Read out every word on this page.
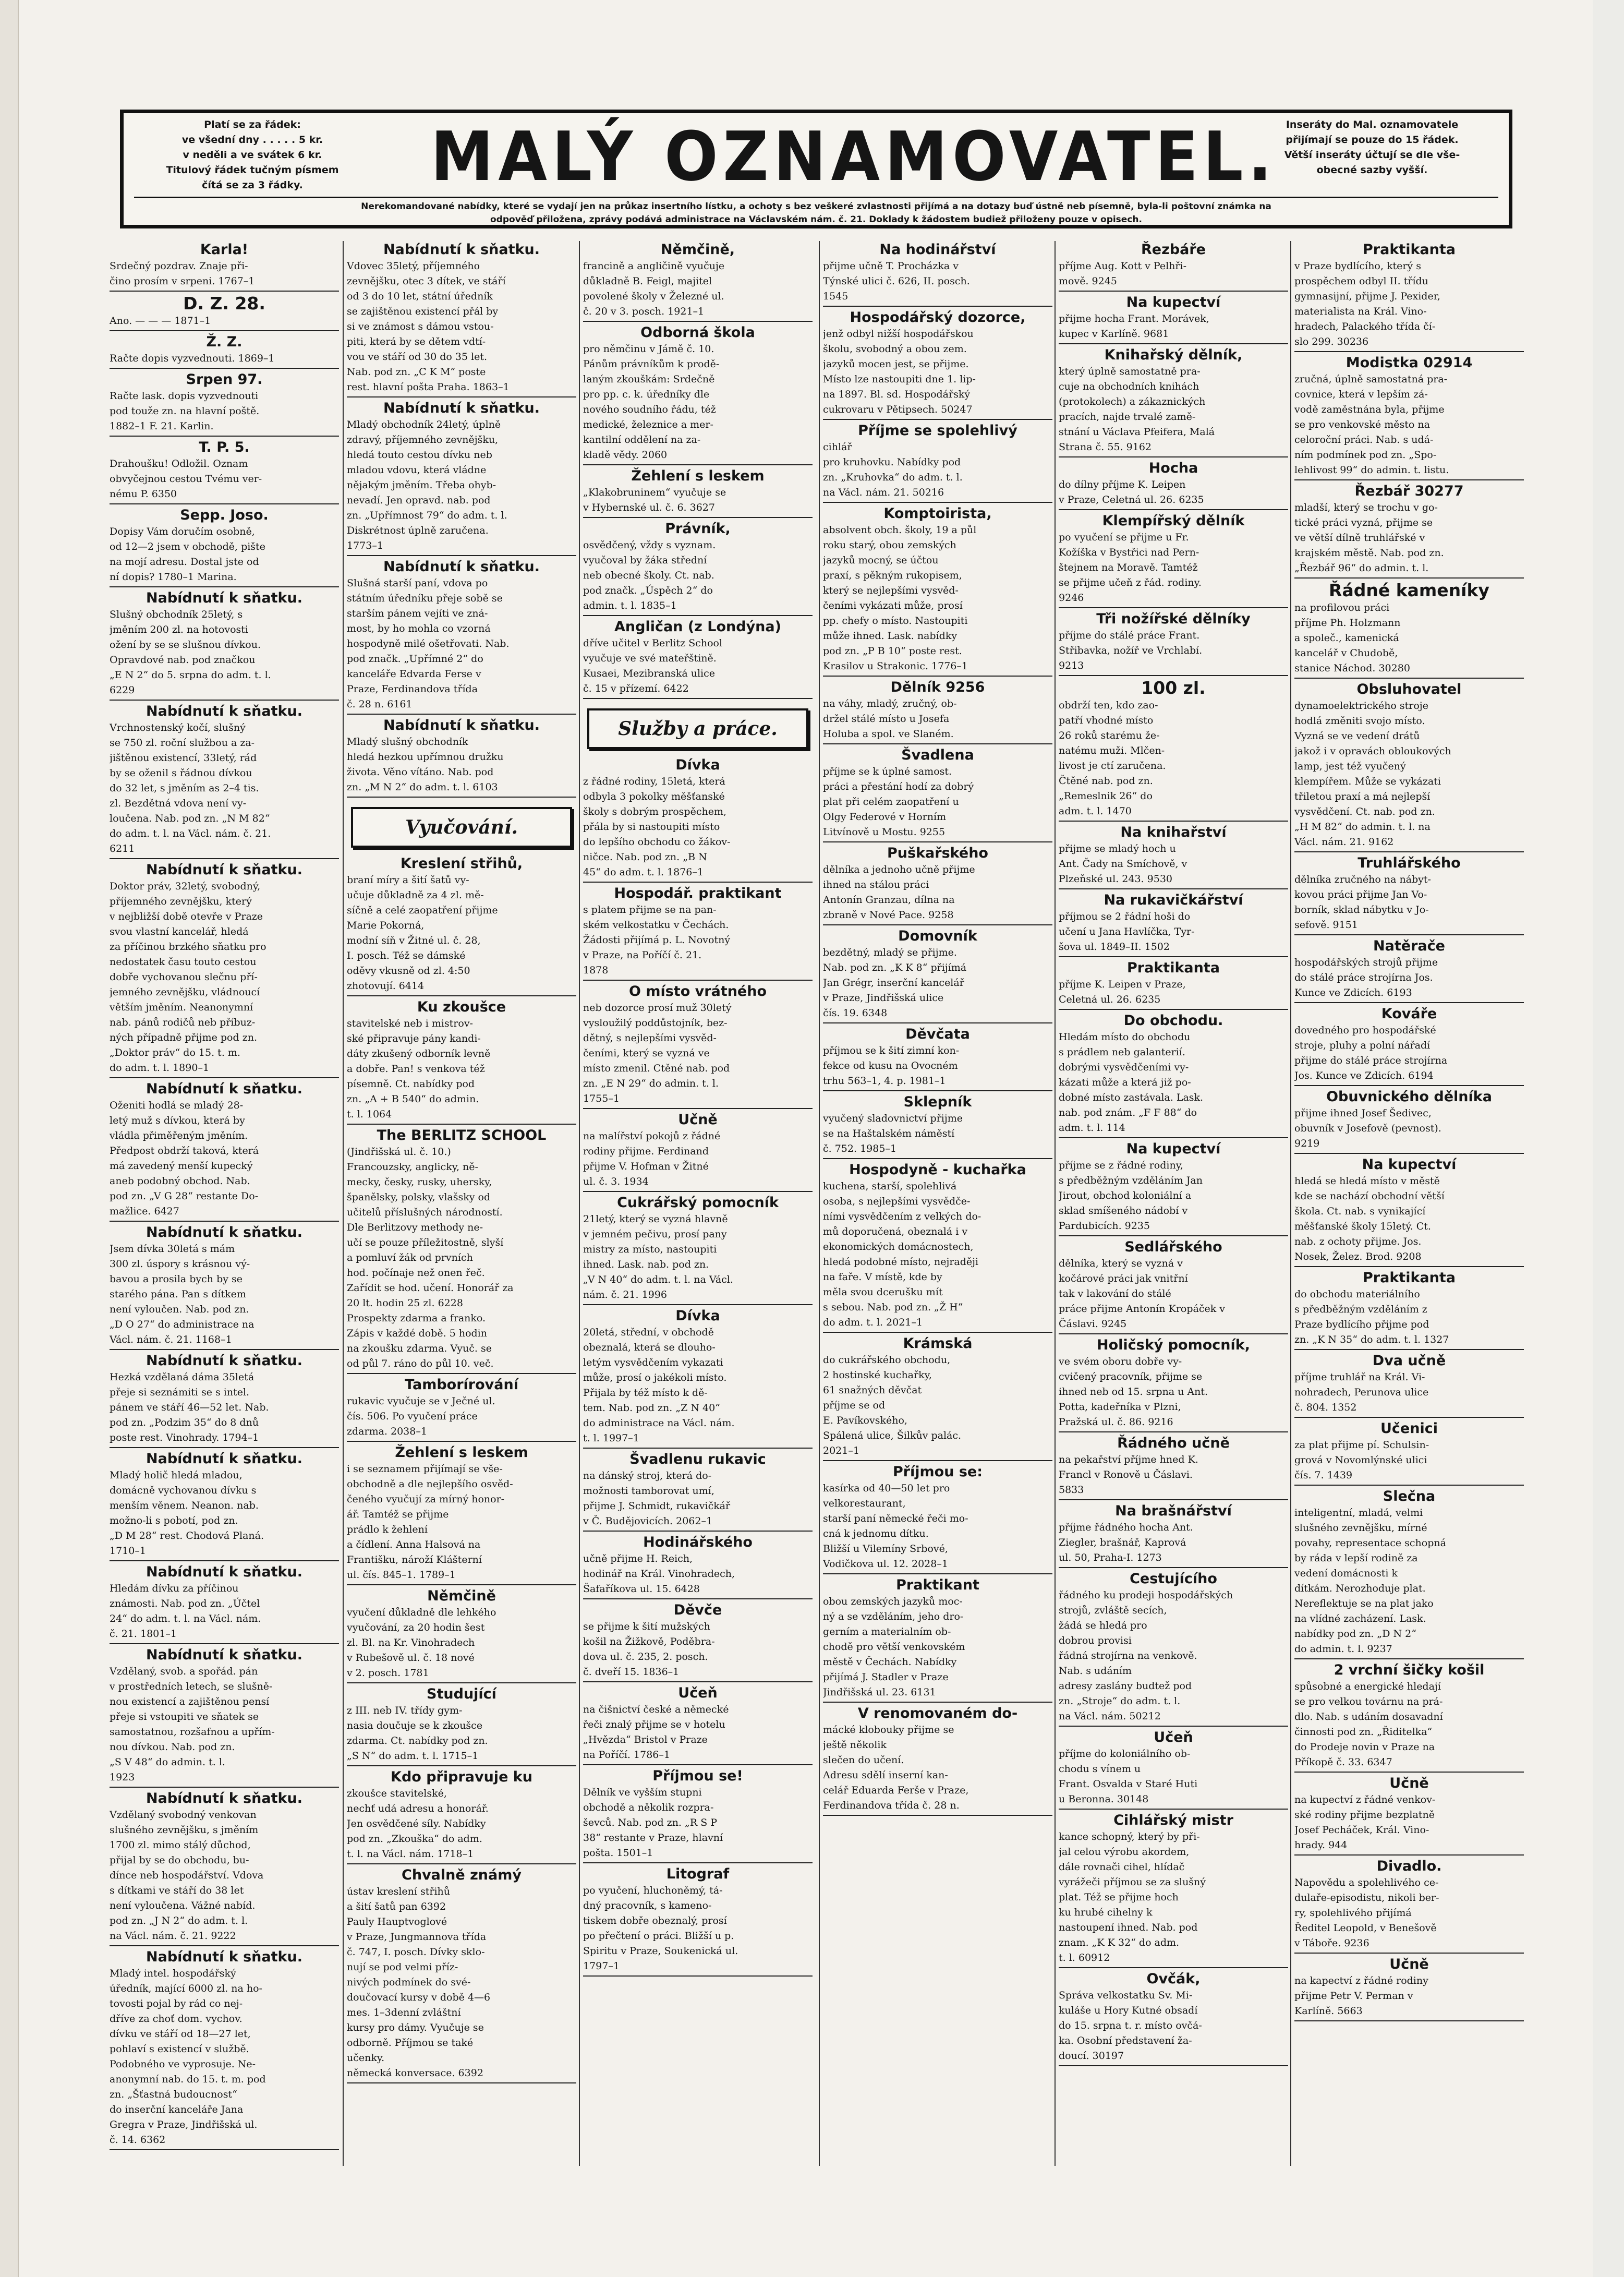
Platí se za řádek:
ve všední dny . . . . . 5 kr.
v neděli a ve svátek 6 kr.
Titulový řádek tučným písmem
čítá se za 3 řádky.	MALÝ OZNAMOVATEL. Inseráty do Mal. oznamovatele
přijímají se pouze do 15 řádek.
Větší inseráty účtují se dle vše-
obecné sazby vyšší.
Nerekomandované nabídky, které se vydají jen na průkaz insertního lístku, a ochoty s bez veškeré zvlastnosti přijímá a na dotazy buď ústně neb písemně, byla-li poštovní známka na
odpověď přiložena, zprávy podává administrace na Václavském nám. č. 21. Doklady k žádostem budiež přiloženy pouze v opisech.
Karla!
Srdečný pozdrav. Znaje při-
čino prosím v srpeni. 1767–1
D. Z. 28.
Ano. — — — 1871–1
Ž. Z.
Račte dopis vyzvednouti. 1869–1
Srpen 97.
Račte lask. dopis vyzvednouti
pod touže zn. na hlavní poště.
1882–1 F. 21. Karlin.
T. P. 5.
Drahoušku! Odložil. Oznam
obvyčejnou cestou Tvému ver-
nému P. 6350
Sepp. Joso.
Dopisy Vám doručím osobně,
od 12—2 jsem v obchodě, pište
na mojí adresu. Dostal jste od
ní dopis? 1780–1 Marina.
Nabídnutí k sňatku.
Slušný obchodník 25letý, s
jměním 200 zl. na hotovosti
ožení by se se slušnou dívkou.
Opravdové nab. pod značkou
„E N 2“ do 5. srpna do adm. t. l.
6229
Nabídnutí k sňatku.
Vrchnostenský kočí, slušný
se 750 zl. roční službou a za-
jištěnou existencí, 33letý, rád
by se oženil s řádnou dívkou
do 32 let, s jměním as 2–4 tis.
zl. Bezdětná vdova není vy-
loučena. Nab. pod zn. „N M 82“
do adm. t. l. na Václ. nám. č. 21.
6211
Nabídnutí k sňatku.
Doktor práv, 32letý, svobodný,
příjemného zevnějšku, který
v nejbližší době otevře v Praze
svou vlastní kancelář, hledá
za příčinou brzkého sňatku pro
nedostatek času touto cestou
dobře vychovanou slečnu pří-
jemného zevnějšku, vládnoucí
větším jměním. Neanonymní
nab. pánů rodičů neb příbuz-
ných případně přijme pod zn.
„Doktor práv“ do 15. t. m.
do adm. t. l. 1890–1
Nabídnutí k sňatku.
Oženiti hodlá se mladý 28-
letý muž s dívkou, která by
vládla přiměřeným jměním.
Předpost obdrží taková, která
má zavedený menší kupecký
aneb podobný obchod. Nab.
pod zn. „V G 28“ restante Do-
mažlice. 6427
Nabídnutí k sňatku.
Jsem dívka 30letá s mám
300 zl. úspory s krásnou vý-
bavou a prosila bych by se
starého pána. Pan s dítkem
není vyloučen. Nab. pod zn.
„D O 27“ do administrace na
Václ. nám. č. 21. 1168–1
Nabídnutí k sňatku.
Hezká vzdělaná dáma 35letá
přeje si seznámiti se s intel.
pánem ve stáří 46—52 let. Nab.
pod zn. „Podzim 35“ do 8 dnů
poste rest. Vinohrady. 1794–1
Nabídnutí k sňatku.
Mladý holič hledá mladou,
domácně vychovanou dívku s
menším věnem. Neanon. nab.
možno-li s pobotí, pod zn.
„D M 28“ rest. Chodová Planá.
1710–1
Nabídnutí k sňatku.
Hledám dívku za příčinou
známosti. Nab. pod zn. „Účtel
24“ do adm. t. l. na Václ. nám.
č. 21. 1801–1
Nabídnutí k sňatku.
Vzdělaný, svob. a spořád. pán
v prostředních letech, se slušně-
nou existencí a zajištěnou pensí
přeje si vstoupiti ve sňatek se
samostatnou, rozšafnou a upřím-
nou dívkou. Nab. pod zn.
„S V 48“ do admin. t. l.
1923
Nabídnutí k sňatku.
Vzdělaný svobodný venkovan
slušného zevnějšku, s jměním
1700 zl. mimo stálý důchod,
přijal by se do obchodu, bu-
dínce neb hospodářství. Vdova
s dítkami ve stáří do 38 let
není vyloučena. Vážné nabíd.
pod zn. „J N 2“ do adm. t. l.
na Václ. nám. č. 21. 9222
Nabídnutí k sňatku.
Mladý intel. hospodářský
úředník, mající 6000 zl. na ho-
tovosti pojal by rád co nej-
dříve za choť dom. vychov.
dívku ve stáří od 18—27 let,
pohlaví s existencí v službě.
Podobného ve vyprosuje. Ne-
anonymní nab. do 15. t. m. pod
zn. „Šťastná budoucnost“
do inserční kanceláře Jana
Gregra v Praze, Jindřišská ul.
č. 14. 6362
Nabídnutí k sňatku.
Vdovec 35letý, příjemného
zevnějšku, otec 3 dítek, ve stáří
od 3 do 10 let, státní úředník
se zajištěnou existencí přál by
si ve známost s dámou vstou-
piti, která by se dětem vdtí-
vou ve stáří od 30 do 35 let.
Nab. pod zn. „C K M“ poste
rest. hlavní pošta Praha. 1863–1
Nabídnutí k sňatku.
Mladý obchodník 24letý, úplně
zdravý, příjemného zevnějšku,
hledá touto cestou dívku neb
mladou vdovu, která vládne
nějakým jměním. Třeba ohyb-
nevadí. Jen opravd. nab. pod
zn. „Upřímnost 79“ do adm. t. l.
Diskrétnost úplně zaručena.
1773–1
Nabídnutí k sňatku.
Slušná starší paní, vdova po
státním úředníku přeje sobě se
starším pánem vejíti ve zná-
most, by ho mohla co vzorná
hospodyně milé ošetřovati. Nab.
pod značk. „Upřímné 2“ do
kanceláře Edvarda Ferse v
Praze, Ferdinandova třída
č. 28 n. 6161
Nabídnutí k sňatku.
Mladý slušný obchodník
hledá hezkou upřímnou družku
života. Věno vítáno. Nab. pod
zn. „M N 2“ do adm. t. l. 6103
Vyučování.
Kreslení střihů,
braní míry a šití šatů vy-
učuje důkladně za 4 zl. mě-
síčně a celé zaopatření přijme
Marie Pokorná,
modní síň v Žitné ul. č. 28,
I. posch. Též se dámské
oděvy vkusně od zl. 4:50
zhotovují. 6414
Ku zkoušce
stavitelské neb i mistrov-
ské připravuje pány kandi-
dáty zkušený odborník levně
a dobře. Pan! s venkova též
písemně. Ct. nabídky pod
zn. „A + B 540“ do admin.
t. l. 1064
The BERLITZ SCHOOL
(Jindřišská ul. č. 10.)
Francouzsky, anglicky, ně-
mecky, česky, rusky, uhersky,
španělsky, polsky, vlašsky od
učitelů příslušných národností.
Dle Berlitzovy methody ne-
učí se pouze příležitostně, slyší
a pomluví žák od prvních
hod. počínaje než onen řeč.
Zařídit se hod. učení. Honorář za
20 lt. hodin 25 zl. 6228
Prospekty zdarma a franko.
Zápis v každé době. 5 hodin
na zkoušku zdarma. Vyuč. se
od půl 7. ráno do půl 10. več.
Tamborírování
rukavic vyučuje se v Ječné ul.
čís. 506. Po vyučení práce
zdarma. 2038–1
Žehlení s leskem
i se seznamem přijímají se vše-
obchodně a dle nejlepšího osvěd-
čeného vyučují za mírný honor-
ář. Tamtéž se přijme
prádlo k žehlení
a čídlení. Anna Halsová na
Františku, nároží Klášterní
ul. čís. 845–1. 1789–1
Němčině
vyučení důkladně dle lehkého
vyučování, za 20 hodin šest
zl. Bl. na Kr. Vinohradech
v Rubešově ul. č. 18 nové
v 2. posch. 1781
Studující
z III. neb IV. třídy gym-
nasia doučuje se k zkoušce
zdarma. Ct. nabídky pod zn.
„S N“ do adm. t. l. 1715–1
Kdo připravuje ku
zkoušce stavitelské,
nechť udá adresu a honorář.
Jen osvědčené síly. Nabídky
pod zn. „Zkouška“ do adm.
t. l. na Václ. nám. 1718–1
Chvalně známý
ústav kreslení střihů
a šití šatů pan 6392
Pauly Hauptvoglové
v Praze, Jungmannova třída
č. 747, I. posch. Dívky sklo-
nují se pod velmi příz-
nivých podmínek do své-
doučovací kursy v době 4—6
mes. 1–3denní zvláštní
kursy pro dámy. Vyučuje se
odborně. Příjmou se také
učenky.
německá konversace. 6392
Němčině,
francině a angličině vyučuje
důkladně B. Feigl, majitel
povolené školy v Železné ul.
č. 20 v 3. posch. 1921–1
Odborná škola
pro němčinu v Jámě č. 10.
Pánům právníkům k prodě-
laným zkouškám: Srdečně
pro pp. c. k. úředníky dle
nového soudního řádu, též
medické, železnice a mer-
kantilní oddělení na za-
kladě vědy. 2060
Žehlení s leskem
„Klakobruninem“ vyučuje se
v Hybernské ul. č. 6. 3627
Právník,
osvědčený, vždy s vyznam.
vyučoval by žáka střední
neb obecné školy. Ct. nab.
pod značk. „Úspěch 2“ do
admin. t. l. 1835–1
Angličan (z Londýna)
dříve učitel v Berlitz School
vyučuje ve své mateřštině.
Kusaei, Mezibranská ulice
č. 15 v přízemí. 6422
Služby a práce.
Dívka
z řádné rodiny, 15letá, která
odbyla 3 pokolky měšťanské
školy s dobrým prospěchem,
přála by si nastoupiti místo
do lepšího obchodu co žákov-
ničce. Nab. pod zn. „B N
45“ do adm. t. l. 1876–1
Hospodář. praktikant
s platem přijme se na pan-
ském velkostatku v Čechách.
Žádosti přijímá p. L. Novotný
v Praze, na Poříčí č. 21.
1878
O místo vrátného
neb dozorce prosí muž 30letý
vysloužilý poddůstojník, bez-
dětný, s nejlepšími vysvěd-
čeními, který se vyzná ve
místo zmenil. Ctěné nab. pod
zn. „E N 29“ do admin. t. l.
1755–1
Učně
na malířství pokojů z řádné
rodiny přijme. Ferdinand
přijme V. Hofman v Žitné
ul. č. 3. 1934
Cukrářský pomocník
21letý, který se vyzná hlavně
v jemném pečivu, prosí pany
mistry za místo, nastoupiti
ihned. Lask. nab. pod zn.
„V N 40“ do adm. t. l. na Václ.
nám. č. 21. 1996
Dívka
20letá, střední, v obchodě
obeznalá, která se dlouho-
letým vysvědčením vykazati
může, prosí o jakékoli místo.
Přijala by též místo k dě-
tem. Nab. pod zn. „Z N 40“
do administrace na Václ. nám.
t. l. 1997–1
Švadlenu rukavic
na dánský stroj, která do-
možnosti tamborovat umí,
přijme J. Schmidt, rukavičkář
v Č. Budějovicích. 2062–1
Hodinářského
učně přijme H. Reich,
hodinář na Král. Vinohradech,
Šafaříkova ul. 15. 6428
Děvče
se přijme k šití mužských
košil na Žižkově, Poděbra-
dova ul. č. 235, 2. posch.
č. dveří 15. 1836–1
Učeň
na čišnictví české a německé
řeči znalý přijme se v hotelu
„Hvězda“ Bristol v Praze
na Poříčí. 1786–1
Příjmou se!
Dělník ve vyšším stupni
obchodě a několik rozpra-
ševců. Nab. pod zn. „R S P
38“ restante v Praze, hlavní
pošta. 1501–1
Litograf
po vyučení, hluchoněmý, tá-
dný pracovník, s kameno-
tiskem dobře obeznalý, prosí
po přečtení o práci. Bližší u p.
Spiritu v Praze, Soukenická ul.
1797–1
Na hodinářství
přijme učně T. Procházka v
Týnské ulici č. 626, II. posch.
1545
Hospodářský dozorce,
jenž odbyl nižší hospodářskou
školu, svobodný a obou zem.
jazyků mocen jest, se přijme.
Místo lze nastoupiti dne 1. lip-
na 1897. Bl. sd. Hospodářský
cukrovaru v Pětipsech. 50247
Příjme se spolehlivý
cihlář
pro kruhovku. Nabídky pod
zn. „Kruhovka“ do adm. t. l.
na Václ. nám. 21. 50216
Komptoirista,
absolvent obch. školy, 19 a půl
roku starý, obou zemských
jazyků mocný, se účtou
praxí, s pěkným rukopisem,
který se nejlepšími vysvěd-
čeními vykázati může, prosí
pp. chefy o místo. Nastoupiti
může ihned. Lask. nabídky
pod zn. „P B 10“ poste rest.
Krasilov u Strakonic. 1776–1
Dělník 9256
na váhy, mladý, zručný, ob-
držel stálé místo u Josefa
Holuba a spol. ve Slaném.
Švadlena
příjme se k úplné samost.
práci a přestání hodí za dobrý
plat při celém zaopatření u
Olgy Federové v Horním
Litvínově u Mostu. 9255
Puškařského
dělníka a jednoho učně přijme
ihned na stálou práci
Antonín Granzau, dílna na
zbraně v Nové Pace. 9258
Domovník
bezdětný, mladý se přijme.
Nab. pod zn. „K K 8“ přijímá
Jan Grégr, inserční kancelář
v Praze, Jindřišská ulice
čís. 19. 6348
Děvčata
příjmou se k šití zimní kon-
fekce od kusu na Ovocném
trhu 563–1, 4. p. 1981–1
Sklepník
vyučený sladovnictví přijme
se na Haštalském náměstí
č. 752. 1985–1
Hospodyně - kuchařka
kuchena, starší, spolehlivá
osoba, s nejlepšími vysvědče-
ními vysvědčením z velkých do-
mů doporučená, obeznalá i v
ekonomických domácnostech,
hledá podobné místo, nejraději
na faře. V místě, kde by
měla svou dcerušku mít
s sebou. Nab. pod zn. „Ž H“
do adm. t. l. 2021–1
Krámská
do cukrářského obchodu,
2 hostinské kuchařky,
61 snažných děvčat
příjme se od
E. Pavíkovského,
Spálená ulice, Šilkův palác.
2021–1
Příjmou se:
kasírka od 40—50 let pro
velkorestaurant,
starší paní německé řeči mo-
cná k jednomu dítku.
Bližší u Vilemíny Srbové,
Vodičkova ul. 12. 2028–1
Praktikant
obou zemských jazyků moc-
ný a se vzděláním, jeho dro-
gerním a materialním ob-
chodě pro větší venkovském
městě v Čechách. Nabídky
přijímá J. Stadler v Praze
Jindřišská ul. 23. 6131
V renomovaném do-
mácké klobouky přijme se
ještě několik
slečen do učení.
Adresu sdělí inserní kan-
celář Eduarda Ferše v Praze,
Ferdinandova třída č. 28 n.
Řezbáře
příjme Aug. Kott v Pelhři-
mově. 9245
Na kupectví
přijme hocha Frant. Morávek,
kupec v Karlíně. 9681
Knihařský dělník,
který úplně samostatně pra-
cuje na obchodních knihách
(protokolech) a zákaznických
pracích, najde trvalé zamě-
stnání u Václava Pfeifera, Malá
Strana č. 55. 9162
Hocha
do dílny příjme K. Leipen
v Praze, Celetná ul. 26. 6235
Klempířský dělník
po vyučení se přijme u Fr.
Kožíška v Bystřici nad Pern-
štejnem na Moravě. Tamtéž
se přijme učeň z řád. rodiny.
9246
Tři nožířské dělníky
příjme do stálé práce Frant.
Střibavka, nožíř ve Vrchlabí.
9213
100 zl.
obdrží ten, kdo zao-
patří vhodné místo
26 roků starému že-
natému muži. Mlčen-
livost je ctí zaručena.
Čtěné nab. pod zn.
„Remeslnik 26“ do
adm. t. l. 1470
Na knihařství
přijme se mladý hoch u
Ant. Čady na Smíchově, v
Plzeňské ul. 243. 9530
Na rukavičkářství
příjmou se 2 řádní hoši do
učení u Jana Havlíčka, Tyr-
šova ul. 1849–II. 1502
Praktikanta
příjme K. Leipen v Praze,
Celetná ul. 26. 6235
Do obchodu.
Hledám místo do obchodu
s prádlem neb galanterií.
dobrými vysvědčeními vy-
kázati může a která již po-
dobné místo zastávala. Lask.
nab. pod znám. „F F 88“ do
adm. t. l. 114
Na kupectví
příjme se z řádné rodiny,
s předběžným vzděláním Jan
Jirout, obchod koloniální a
sklad smíšeného nádobí v
Pardubicích. 9235
Sedlářského
dělníka, který se vyzná v
kočárové práci jak vnitřní
tak v lakování do stálé
práce přijme Antonín Kropáček v
Čáslavi. 9245
Holičský pomocník,
ve svém oboru dobře vy-
cvičený pracovník, přijme se
ihned neb od 15. srpna u Ant.
Potta, kadeřníka v Plzni,
Pražská ul. č. 86. 9216
Řádného učně
na pekařství příjme hned K.
Francl v Ronově u Čáslavi.
5833
Na brašnářství
příjme řádného hocha Ant.
Ziegler, brašnář, Kaprová
ul. 50, Praha-I. 1273
Cestujícího
řádného ku prodeji hospodářských
strojů, zvláště secích,
žádá se hledá pro
dobrou provisi
řádná strojírna na venkově.
Nab. s udáním
adresy zaslány budtež pod
zn. „Stroje“ do adm. t. l.
na Václ. nám. 50212
Učeň
příjme do koloniálního ob-
chodu s vínem u
Frant. Osvalda v Staré Huti
u Beronna. 30148
Cihlářský mistr
kance schopný, který by při-
jal celou výrobu akordem,
dále rovnači cihel, hlídač
vyrážeči příjmou se za slušný
plat. Též se přijme hoch
ku hrubé cihelny k
nastoupení ihned. Nab. pod
znam. „K K 32“ do adm.
t. l. 60912
Ovčák,
Správa velkostatku Sv. Mi-
kuláše u Hory Kutné obsadí
do 15. srpna t. r. místo ovčá-
ka. Osobní představení ža-
doucí. 30197
Praktikanta
v Praze bydlícího, který s
prospěchem odbyl II. třídu
gymnasijní, přijme J. Pexider,
materialista na Král. Vino-
hradech, Palackého třída čí-
slo 299. 30236
Modistka 02914
zručná, úplně samostatná pra-
covnice, která v lepším zá-
vodě zaměstnána byla, přijme
se pro venkovské město na
celoroční práci. Nab. s udá-
ním podmínek pod zn. „Spo-
lehlivost 99“ do admin. t. listu.
Řezbář 30277
mladší, který se trochu v go-
tické práci vyzná, přijme se
ve větší dílně truhlářské v
krajském městě. Nab. pod zn.
„Řezbář 96“ do admin. t. l.
Řádné kameníky
na profilovou práci
příjme Ph. Holzmann
a společ., kamenická
kancelář v Chudobě,
stanice Náchod. 30280
Obsluhovatel
dynamoelektrického stroje
hodlá změniti svojo místo.
Vyzná se ve vedení drátů
jakož i v opravách obloukových
lamp, jest též vyučený
klempířem. Může se vykázati
třiletou praxí a má nejlepší
vysvědčení. Ct. nab. pod zn.
„H M 82“ do admin. t. l. na
Václ. nám. 21. 9162
Truhlářského
dělníka zručného na nábyt-
kovou práci přijme Jan Vo-
borník, sklad nábytku v Jo-
sefově. 9151
Natěrače
hospodářských strojů přijme
do stálé práce strojírna Jos.
Kunce ve Zdicích. 6193
Kováře
dovedného pro hospodářské
stroje, pluhy a polní nářadí
přijme do stálé práce strojírna
Jos. Kunce ve Zdicích. 6194
Obuvnického dělníka
přijme ihned Josef Šedivec,
obuvník v Josefově (pevnost).
9219
Na kupectví
hledá se hledá místo v městě
kde se nachází obchodní větší
škola. Ct. nab. s vynikající
měšťanské školy 15letý. Ct.
nab. z ochoty přijme. Jos.
Nosek, Želez. Brod. 9208
Praktikanta
do obchodu materiálního
s předběžným vzděláním z
Praze bydlícího přijme pod
zn. „K N 35“ do adm. t. l. 1327
Dva učně
příjme truhlář na Král. Vi-
nohradech, Perunova ulice
č. 804. 1352
Učenici
za plat přijme pí. Schulsin-
grová v Novomlýnské ulici
čís. 7. 1439
Slečna
inteligentní, mladá, velmi
slušného zevnějšku, mírné
povahy, representace schopná
by ráda v lepší rodině za
vedení domácnosti k
dítkám. Nerozhoduje plat.
Nereflektuje se na plat jako
na vlídné zacházení. Lask.
nabídky pod zn. „D N 2“
do admin. t. l. 9237
2 vrchní šičky košil
spůsobné a energické hledají
se pro velkou továrnu na prá-
dlo. Nab. s udáním dosavadní
činnosti pod zn. „Řiditelka“
do Prodeje novin v Praze na
Příkopě č. 33. 6347
Učně
na kupectví z řádné venkov-
ské rodiny přijme bezplatně
Josef Pecháček, Král. Vino-
hrady. 944
Divadlo.
Napovědu a spolehlivého ce-
dulaře-episodistu, nikoli ber-
ry, spolehlivého přijímá
Ředitel Leopold, v Benešově
v Táboře. 9236
Učně
na kapectví z řádné rodiny
přijme Petr V. Perman v
Karlíně. 5663
